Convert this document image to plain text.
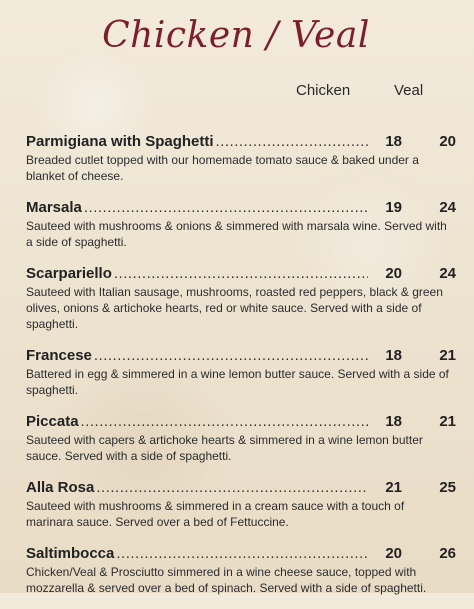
Chicken / Veal
Chicken	Veal
Parmigiana with Spaghetti .....	18	20

Breaded cutlet topped with our homemade tomato sauce & baked under a blanket of cheese.

Marsala .....	19	24

Sauteed with mushrooms & onions & simmered with marsala wine. Served with a side of spaghetti.

Scarpariello .....	20	24

Sauteed with Italian sausage, mushrooms, roasted red peppers, black & green olives, onions & artichoke hearts, red or white sauce. Served with a side of spaghetti.

Francese .....	18	21

Battered in egg & simmered in a wine lemon butter sauce. Served with a side of spaghetti.

Piccata .....	18	21

Sauteed with capers & artichoke hearts & simmered in a wine lemon butter sauce. Served with a side of spaghetti.

Alla Rosa .....	21	25

Sauteed with mushrooms & simmered in a cream sauce with a touch of marinara sauce. Served over a bed of Fettuccine.

Saltimbocca .....	20	26

Chicken/Veal & Prosciutto simmered in a wine cheese sauce, topped with mozzarella & served over a bed of spinach. Served with a side of spaghetti.
